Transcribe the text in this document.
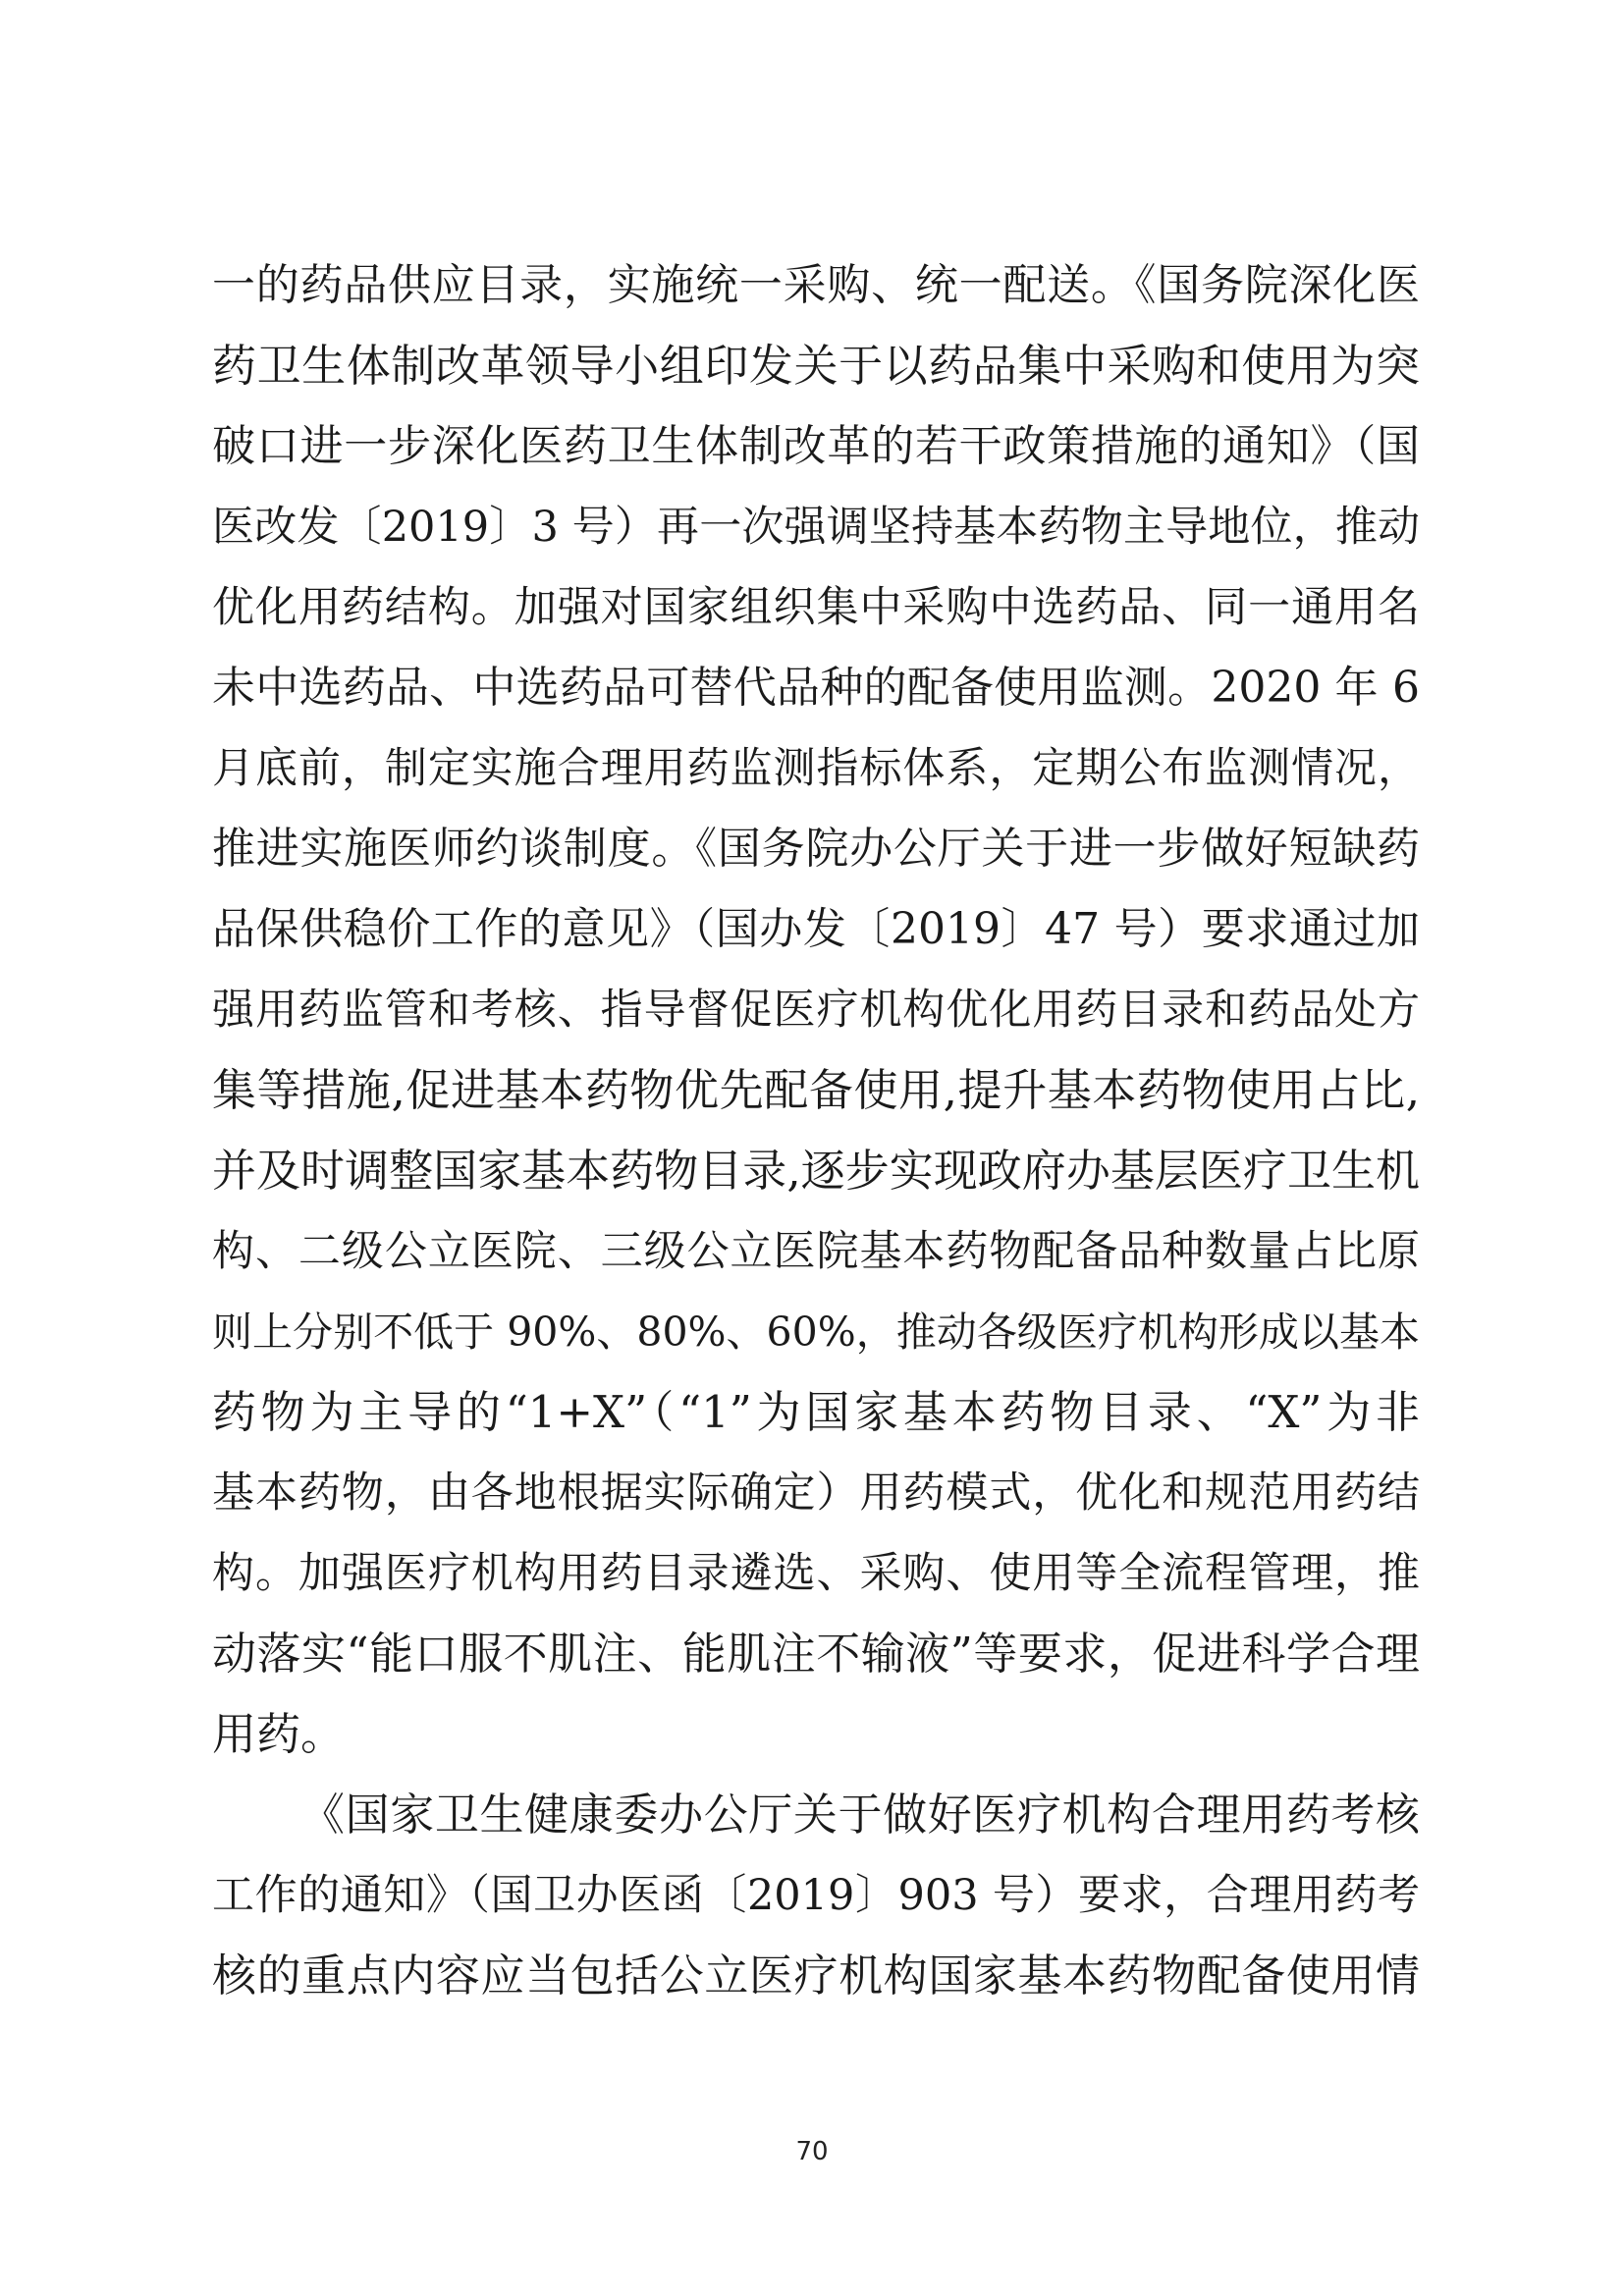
一的药品供应目录，实施统一采购、统一配送。《国务院深化医
药卫生体制改革领导小组印发关于以药品集中采购和使用为突
破口进一步深化医药卫生体制改革的若干政策措施的通知》（国
医改发〔2019〕3 号）再一次强调坚持基本药物主导地位，推动
优化用药结构。加强对国家组织集中采购中选药品、同一通用名
未中选药品、中选药品可替代品种的配备使用监测。2020 年 6
月底前，制定实施合理用药监测指标体系，定期公布监测情况，
推进实施医师约谈制度。《国务院办公厅关于进一步做好短缺药
品保供稳价工作的意见》（国办发〔2019〕47 号）要求通过加
强用药监管和考核、指导督促医疗机构优化用药目录和药品处方
集等措施,促进基本药物优先配备使用,提升基本药物使用占比,
并及时调整国家基本药物目录,逐步实现政府办基层医疗卫生机
构、二级公立医院、三级公立医院基本药物配备品种数量占比原
则上分别不低于 90%、80%、60%，推动各级医疗机构形成以基本
药物为主导的“1+X”（“1”为国家基本药物目录、“X”为非
基本药物，由各地根据实际确定）用药模式，优化和规范用药结
构。加强医疗机构用药目录遴选、采购、使用等全流程管理，推
动落实“能口服不肌注、能肌注不输液”等要求，促进科学合理
用药。
《国家卫生健康委办公厅关于做好医疗机构合理用药考核
工作的通知》（国卫办医函〔2019〕903 号）要求，合理用药考
核的重点内容应当包括公立医疗机构国家基本药物配备使用情
70
